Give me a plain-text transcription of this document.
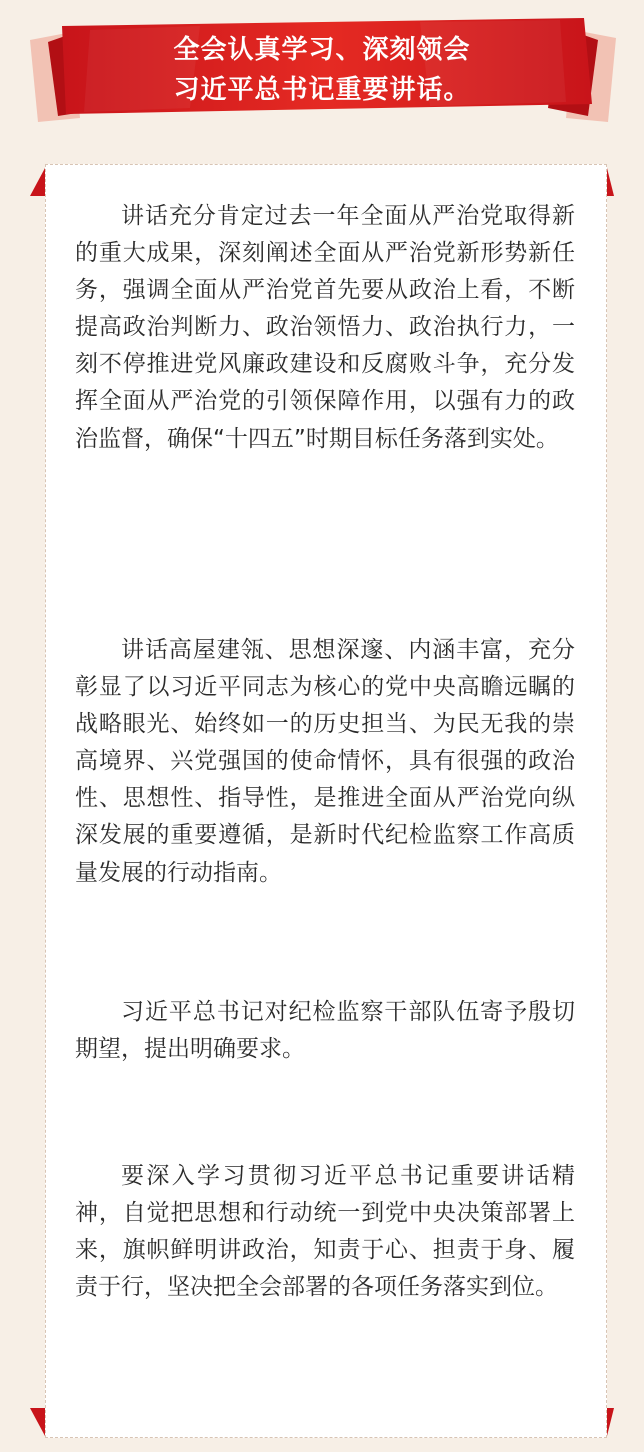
全会认真学习、深刻领会
习近平总书记重要讲话。

讲话充分肯定过去一年全面从严治党取得新的重大成果，深刻阐述全面从严治党新形势新任务，强调全面从严治党首先要从政治上看，不断提高政治判断力、政治领悟力、政治执行力，一刻不停推进党风廉政建设和反腐败斗争，充分发挥全面从严治党的引领保障作用，以强有力的政治监督，确保“十四五”时期目标任务落到实处。

讲话高屋建瓴、思想深邃、内涵丰富，充分彰显了以习近平同志为核心的党中央高瞻远瞩的战略眼光、始终如一的历史担当、为民无我的崇高境界、兴党强国的使命情怀，具有很强的政治性、思想性、指导性，是推进全面从严治党向纵深发展的重要遵循，是新时代纪检监察工作高质量发展的行动指南。

习近平总书记对纪检监察干部队伍寄予殷切期望，提出明确要求。

要深入学习贯彻习近平总书记重要讲话精神，自觉把思想和行动统一到党中央决策部署上来，旗帜鲜明讲政治，知责于心、担责于身、履责于行，坚决把全会部署的各项任务落实到位。
